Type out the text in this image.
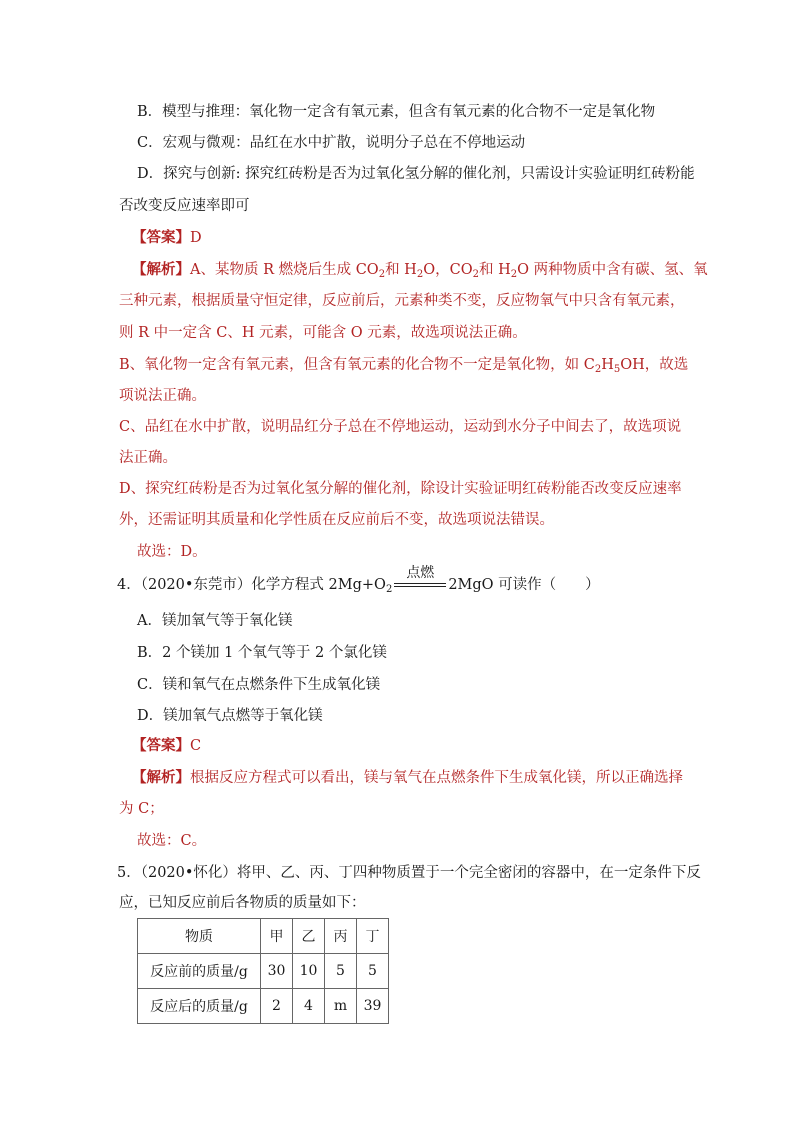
B．模型与推理：氧化物一定含有氧元素，但含有氧元素的化合物不一定是氧化物
C．宏观与微观：品红在水中扩散，说明分子总在不停地运动
D．探究与创新: 探究红砖粉是否为过氧化氢分解的催化剂，只需设计实验证明红砖粉能
否改变反应速率即可
【答案】D
【解析】A、某物质 R 燃烧后生成 $CO_2$和 $H_2O$，$CO_2$和 $H_2O$ 两种物质中含有碳、氢、氧
三种元素，根据质量守恒定律，反应前后，元素种类不变，反应物氧气中只含有氧元素，
则 R 中一定含 C、H 元素，可能含 O 元素，故选项说法正确。
B、氧化物一定含有氧元素，但含有氧元素的化合物不一定是氧化物，如 $C_2H_5OH$，故选
项说法正确。
C、品红在水中扩散，说明品红分子总在不停地运动，运动到水分子中间去了，故选项说
法正确。
D、探究红砖粉是否为过氧化氢分解的催化剂，除设计实验证明红砖粉能否改变反应速率
外，还需证明其质量和化学性质在反应前后不变，故选项说法错误。
故选：D。
4．（2020•东莞市）化学方程式 $2Mg+O_2$
点燃
2MgO 可读作（　　）
A．镁加氧气等于氧化镁
B．2 个镁加 1 个氧气等于 2 个氯化镁
C．镁和氧气在点燃条件下生成氧化镁
D．镁加氧气点燃等于氧化镁
【答案】C
【解析】根据反应方程式可以看出，镁与氧气在点燃条件下生成氧化镁，所以正确选择
为 C；
故选：C。
5．（2020•怀化）将甲、乙、丙、丁四种物质置于一个完全密闭的容器中，在一定条件下反
应，已知反应前后各物质的质量如下：
物质	甲	乙	丙	丁
反应前的质量/g	30	10	5	5
反应后的质量/g	2	4	m	39
